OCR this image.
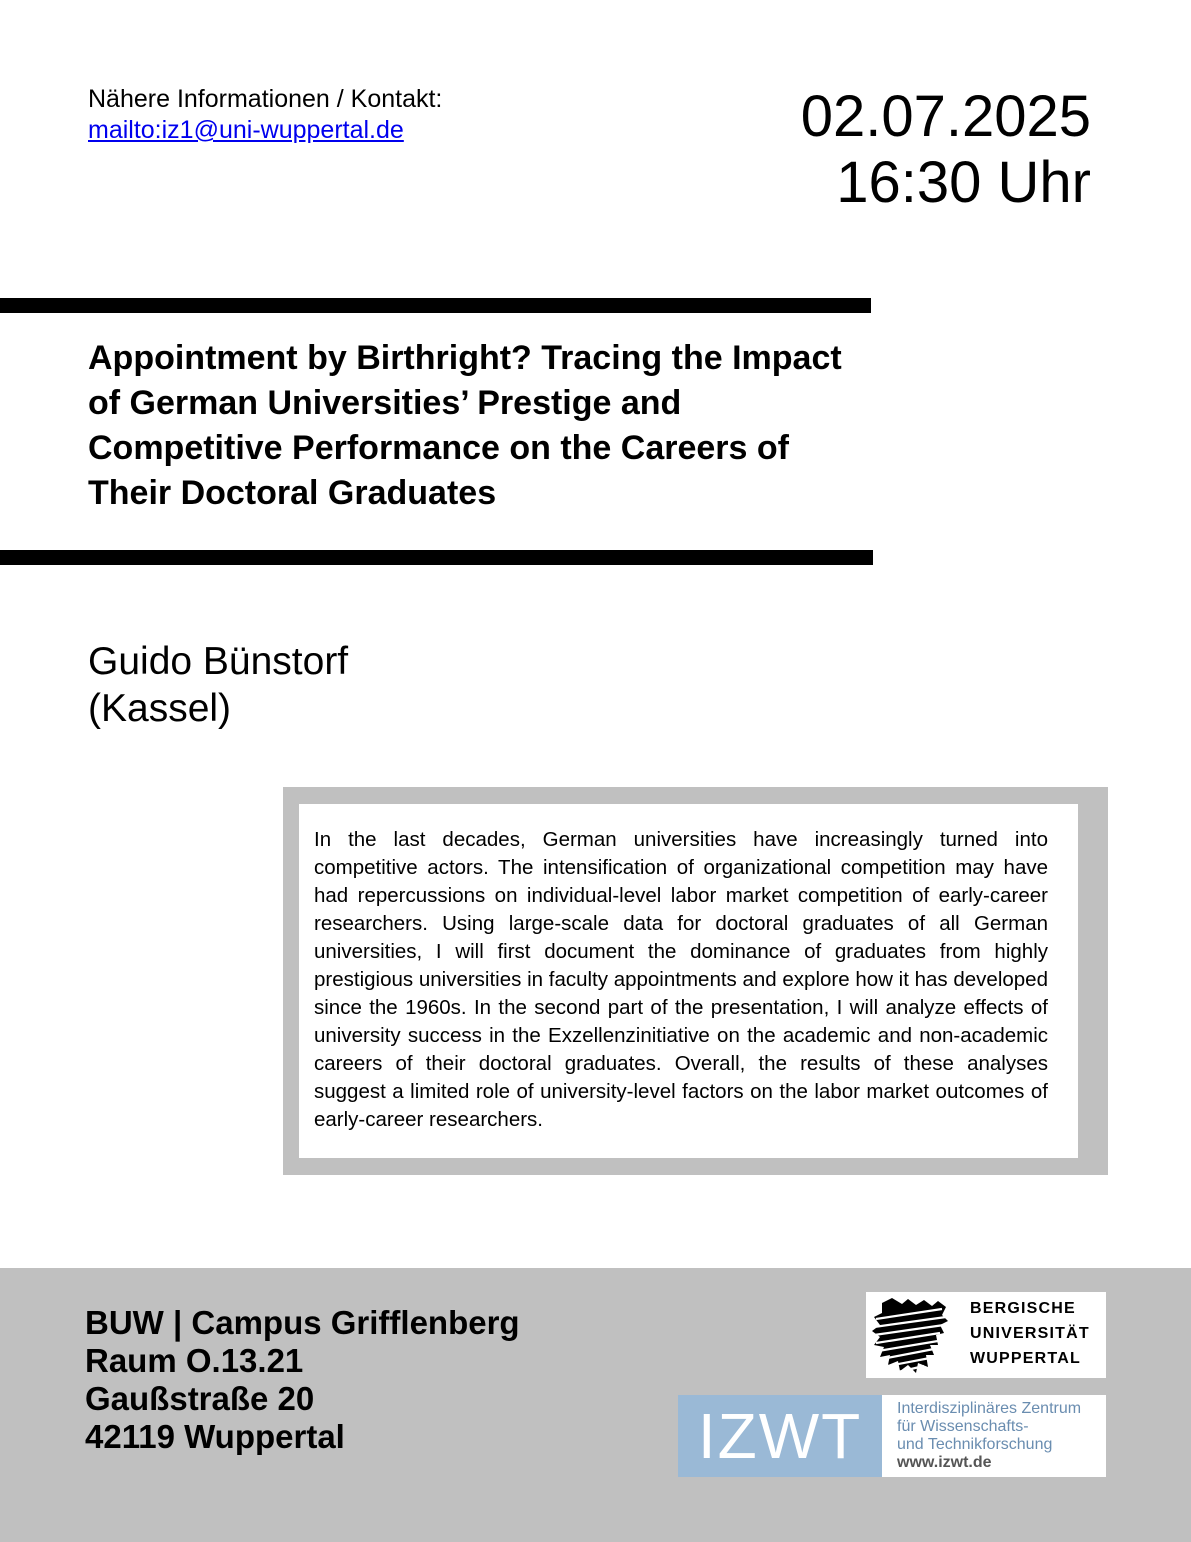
Nähere Informationen / Kontakt:
mailto:iz1@uni-wuppertal.de	02.07.2025
16:30 Uhr
Appointment by Birthright? Tracing the Impact of German Universities’ Prestige and Competitive Performance on the Careers of Their Doctoral Graduates
Guido Bünstorf
(Kassel)

In the last decades, German universities have increasingly turned into competitive actors. The intensification of organizational competition may have had repercussions on individual-level labor market competition of early-career researchers. Using large-scale data for doctoral graduates of all German universities, I will first document the dominance of graduates from highly prestigious universities in faculty appointments and explore how it has developed since the 1960s. In the second part of the presentation, I will analyze effects of university success in the Exzellenzinitiative on the academic and non-academic careers of their doctoral graduates. Overall, the results of these analyses suggest a limited role of university-level factors on the labor market outcomes of early-career researchers.

BUW | Campus Grifflenberg
Raum O.13.21
Gaußstraße 20
42119 Wuppertal
BERGISCHE
UNIVERSITÄT
WUPPERTAL
IZWT	Interdisziplinäres Zentrum
für Wissenschafts-
und Technikforschung
www.izwt.de
